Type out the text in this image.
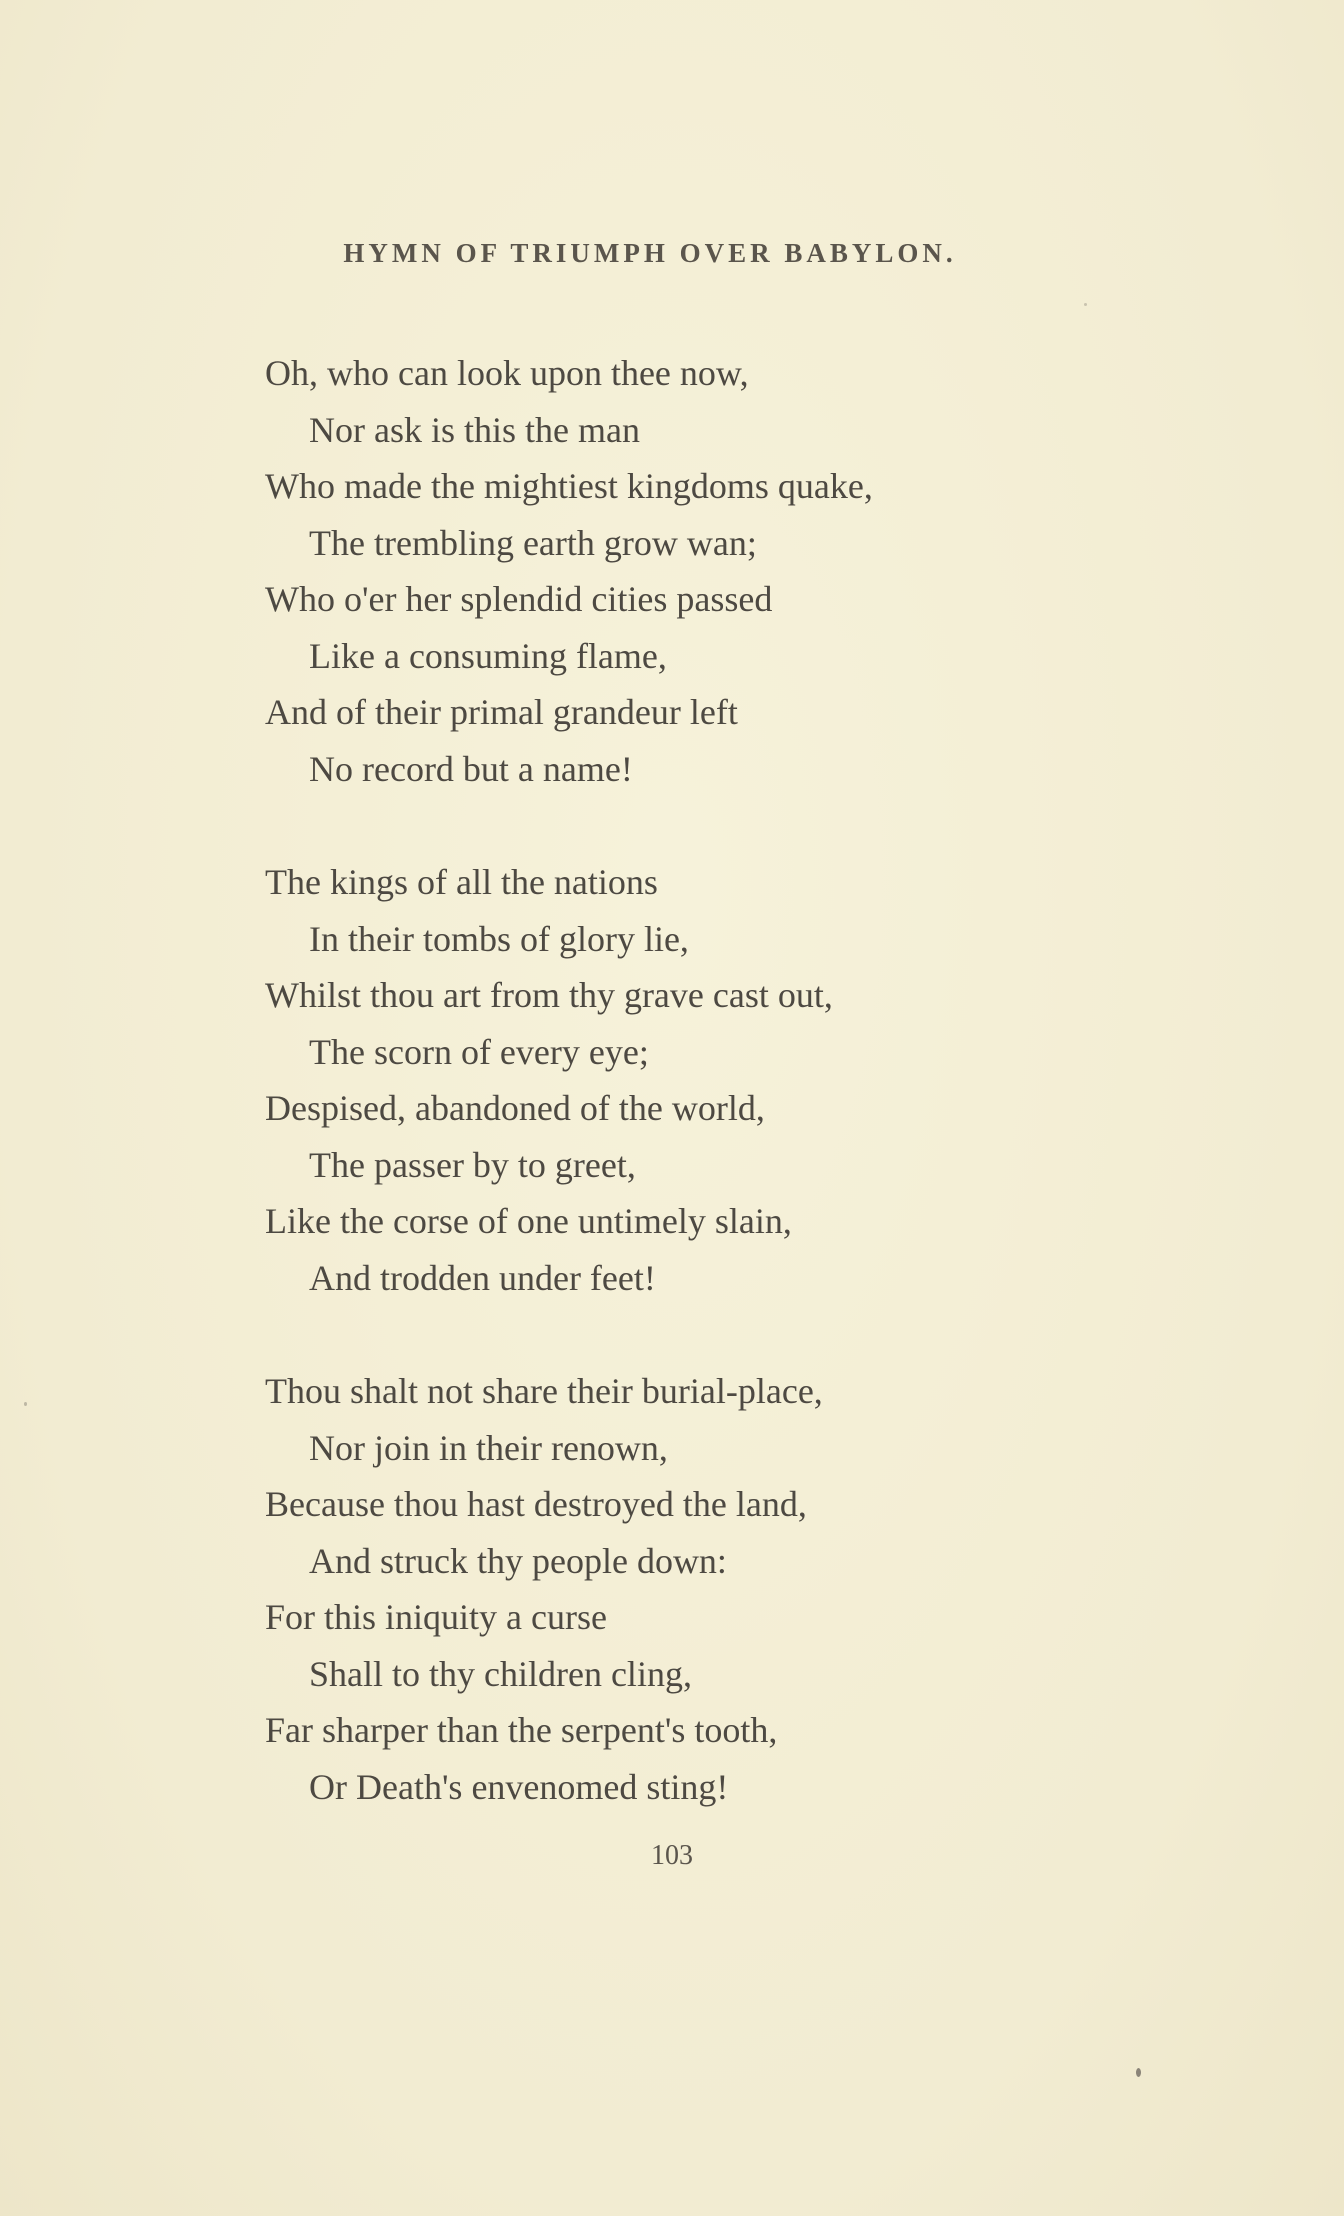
HYMN OF TRIUMPH OVER BABYLON.
Oh, who can look upon thee now,
Nor ask is this the man
Who made the mightiest kingdoms quake,
The trembling earth grow wan;
Who o'er her splendid cities passed
Like a consuming flame,
And of their primal grandeur left
No record but a name!
The kings of all the nations
In their tombs of glory lie,
Whilst thou art from thy grave cast out,
The scorn of every eye;
Despised, abandoned of the world,
The passer by to greet,
Like the corse of one untimely slain,
And trodden under feet!
Thou shalt not share their burial-place,
Nor join in their renown,
Because thou hast destroyed the land,
And struck thy people down:
For this iniquity a curse
Shall to thy children cling,
Far sharper than the serpent's tooth,
Or Death's envenomed sting!
103
